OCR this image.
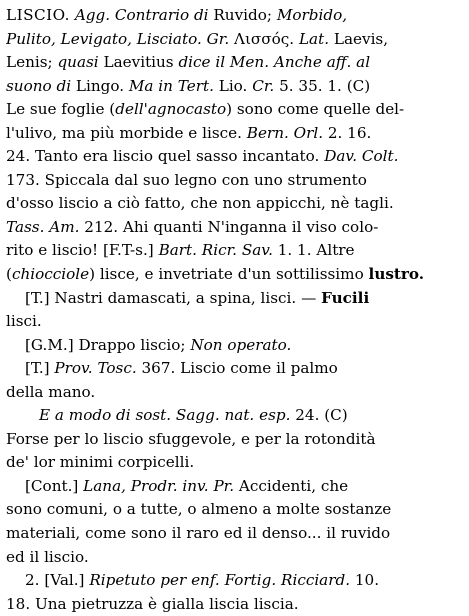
LISCIO. Agg. Contrario di Ruvido; Morbido,
Pulito, Levigato, Lisciato. Gr. Λισσός. Lat. Laevis,
Lenis; quasi Laevitius dice il Men. Anche aff. al
suono di Lingo. Ma in Tert. Lio. Cr. 5. 35. 1. (C)
Le sue foglie (dell'agnocasto) sono come quelle del-
l'ulivo, ma più morbide e lisce. Bern. Orl. 2. 16.
24. Tanto era liscio quel sasso incantato. Dav. Colt.
173. Spiccala dal suo legno con uno strumento
d'osso liscio a ciò fatto, che non appicchi, nè tagli.
Tass. Am. 212. Ahi quanti N'inganna il viso colo-
rito e liscio! [F.T-s.] Bart. Ricr. Sav. 1. 1. Altre
(chiocciole) lisce, e invetriate d'un sottilissimo lustro.
[T.] Nastri damascati, a spina, lisci. — Fucili
lisci.
[G.M.] Drappo liscio; Non operato.
[T.] Prov. Tosc. 367. Liscio come il palmo
della mano.
E a modo di sost. Sagg. nat. esp. 24. (C)
Forse per lo liscio sfuggevole, e per la rotondità
de' lor minimi corpicelli.
[Cont.] Lana, Prodr. inv. Pr. Accidenti, che
sono comuni, o a tutte, o almeno a molte sostanze
materiali, come sono il raro ed il denso... il ruvido
ed il liscio.
2. [Val.] Ripetuto per enf. Fortig. Ricciard. 10.
18. Una pietruzza è gialla liscia liscia.
